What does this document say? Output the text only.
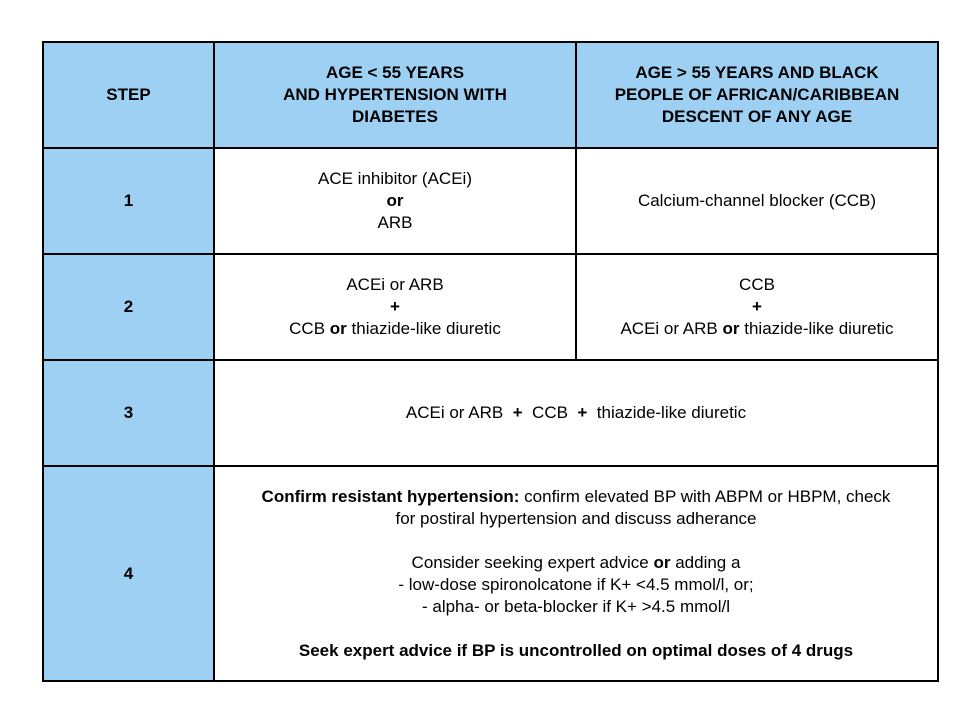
STEP
AGE < 55 YEARS
AND HYPERTENSION WITH
DIABETES
AGE > 55 YEARS AND BLACK
PEOPLE OF AFRICAN/CARIBBEAN
DESCENT OF ANY AGE
1
ACE inhibitor (ACEi)
or
ARB
Calcium-channel blocker (CCB)
2
ACEi or ARB
+
CCB or thiazide-like diuretic
CCB
+
ACEi or ARB or thiazide-like diuretic
3	ACEi or ARB + CCB + thiazide-like diuretic
4
Confirm resistant hypertension: confirm elevated BP with ABPM or HBPM, check
for postiral hypertension and discuss adherance
Consider seeking expert advice or adding a
- low-dose spironolcatone if K+ <4.5 mmol/l, or;
- alpha- or beta-blocker if K+ >4.5 mmol/l
Seek expert advice if BP is uncontrolled on optimal doses of 4 drugs
